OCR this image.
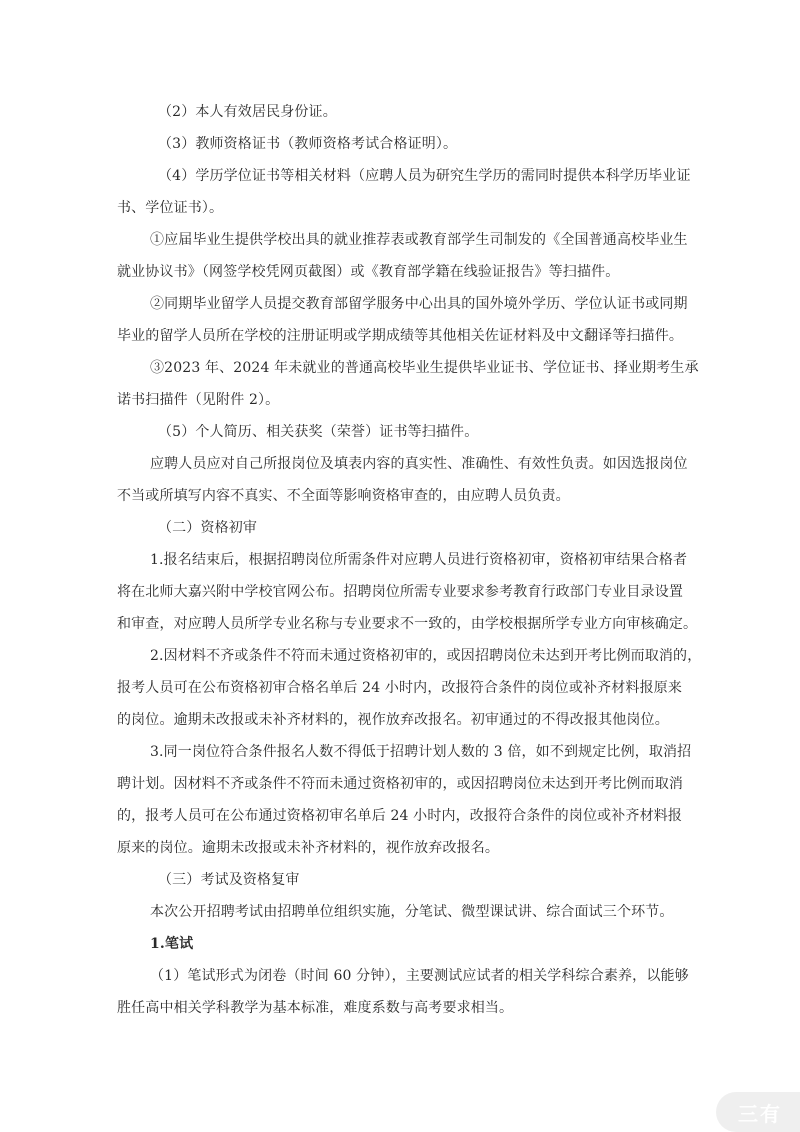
（2）本人有效居民身份证。
（3）教师资格证书（教师资格考试合格证明）。
（4）学历学位证书等相关材料（应聘人员为研究生学历的需同时提供本科学历毕业证
书、学位证书）。
①应届毕业生提供学校出具的就业推荐表或教育部学生司制发的《全国普通高校毕业生
就业协议书》（网签学校凭网页截图）或《教育部学籍在线验证报告》等扫描件。
②同期毕业留学人员提交教育部留学服务中心出具的国外境外学历、学位认证书或同期
毕业的留学人员所在学校的注册证明或学期成绩等其他相关佐证材料及中文翻译等扫描件。
③2023 年、2024 年未就业的普通高校毕业生提供毕业证书、学位证书、择业期考生承
诺书扫描件（见附件 2）。
（5）个人简历、相关获奖（荣誉）证书等扫描件。
应聘人员应对自己所报岗位及填表内容的真实性、准确性、有效性负责。如因选报岗位
不当或所填写内容不真实、不全面等影响资格审查的，由应聘人员负责。
（二）资格初审
1.报名结束后，根据招聘岗位所需条件对应聘人员进行资格初审，资格初审结果合格者
将在北师大嘉兴附中学校官网公布。招聘岗位所需专业要求参考教育行政部门专业目录设置
和审查，对应聘人员所学专业名称与专业要求不一致的，由学校根据所学专业方向审核确定。
2.因材料不齐或条件不符而未通过资格初审的，或因招聘岗位未达到开考比例而取消的，
报考人员可在公布资格初审合格名单后 24 小时内，改报符合条件的岗位或补齐材料报原来
的岗位。逾期未改报或未补齐材料的，视作放弃改报名。初审通过的不得改报其他岗位。
3.同一岗位符合条件报名人数不得低于招聘计划人数的 3 倍，如不到规定比例，取消招
聘计划。因材料不齐或条件不符而未通过资格初审的，或因招聘岗位未达到开考比例而取消
的，报考人员可在公布通过资格初审名单后 24 小时内，改报符合条件的岗位或补齐材料报
原来的岗位。逾期未改报或未补齐材料的，视作放弃改报名。
（三）考试及资格复审
本次公开招聘考试由招聘单位组织实施，分笔试、微型课试讲、综合面试三个环节。
1.笔试
（1）笔试形式为闭卷（时间 60 分钟），主要测试应试者的相关学科综合素养，以能够
胜任高中相关学科教学为基本标准，难度系数与高考要求相当。
三有
